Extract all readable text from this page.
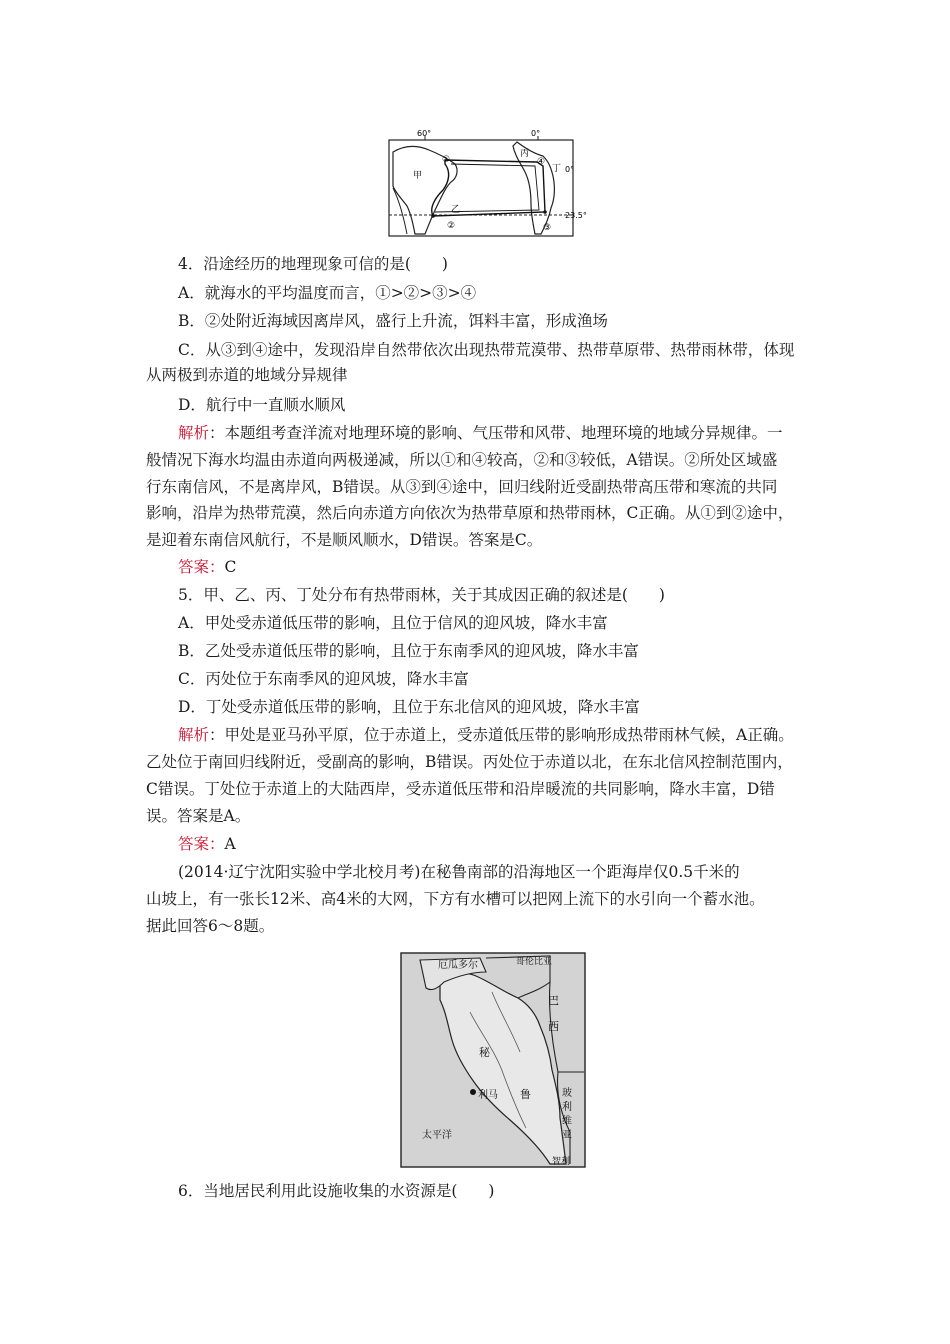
60°	0°
0°
23.5°
甲
乙
丙
丁
①
②	③
④
4．沿途经历的地理现象可信的是(　　)
A．就海水的平均温度而言，①>②>③>④
B．②处附近海域因离岸风，盛行上升流，饵料丰富，形成渔场
C．从③到④途中，发现沿岸自然带依次出现热带荒漠带、热带草原带、热带雨林带，体现
从两极到赤道的地域分异规律
D．航行中一直顺水顺风
解析：本题组考查洋流对地理环境的影响、气压带和风带、地理环境的地域分异规律。一
般情况下海水均温由赤道向两极递减，所以①和④较高，②和③较低，A错误。②所处区域盛
行东南信风，不是离岸风，B错误。从③到④途中，回归线附近受副热带高压带和寒流的共同
影响，沿岸为热带荒漠，然后向赤道方向依次为热带草原和热带雨林，C正确。从①到②途中，
是迎着东南信风航行，不是顺风顺水，D错误。答案是C。
答案：C
5．甲、乙、丙、丁处分布有热带雨林，关于其成因正确的叙述是(　　)
A．甲处受赤道低压带的影响，且位于信风的迎风坡，降水丰富
B．乙处受赤道低压带的影响，且位于东南季风的迎风坡，降水丰富
C．丙处位于东南季风的迎风坡，降水丰富
D．丁处受赤道低压带的影响，且位于东北信风的迎风坡，降水丰富
解析：甲处是亚马孙平原，位于赤道上，受赤道低压带的影响形成热带雨林气候，A正确。
乙处位于南回归线附近，受副高的影响，B错误。丙处位于赤道以北，在东北信风控制范围内，
C错误。丁处位于赤道上的大陆西岸，受赤道低压带和沿岸暖流的共同影响，降水丰富，D错
误。答案是A。
答案：A
(2014·辽宁沈阳实验中学北校月考)在秘鲁南部的沿海地区一个距海岸仅0.5千米的
山坡上，有一张长12米、高4米的大网，下方有水槽可以把网上流下的水引向一个蓄水池。
据此回答6～8题。
厄瓜多尔	哥伦比亚
巴
西
秘
鲁
利马
太平洋
玻
利
维
亚
智利
6．当地居民利用此设施收集的水资源是(　　)
